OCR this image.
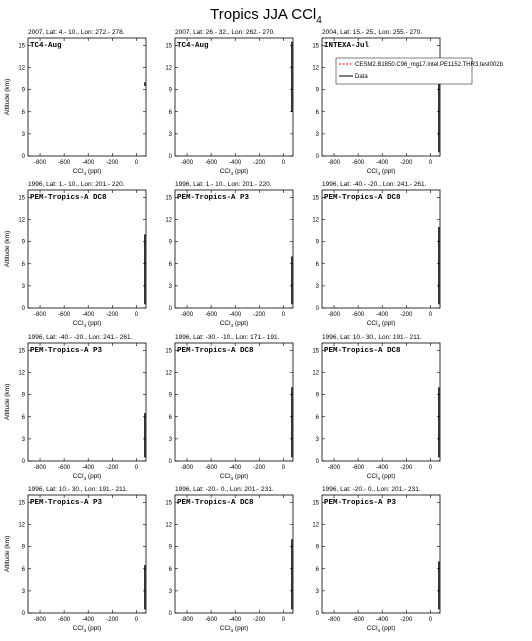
Tropics JJA CCl$_4$
2007, Lat: 4.- 10., Lon: 272.- 278.
-800 -600 -400 -200	0
0
3
6
9
12
15
CCl$_4$ (ppt)
Altitude (km)
TC4-Aug
2007, Lat: 26.- 32., Lon: 262.- 270.
-800 -600 -400 -200	0
0
3
6
9
12
15
CCl$_4$ (ppt)
TC4-Aug
2004, Lat: 15.- 25., Lon: 255.- 270.
-800 -600 -400 -200	0
0
3
6
9
12
15
CCl$_4$ (ppt)
INTEXA-Jul
CESM2.B1850.C96_mg17.intel.PE1152.THR3.test002b
Data
1996, Lat: 1.- 10., Lon: 201.- 220.
-800 -600 -400 -200	0
0
3
6
9
12
15
CCl$_4$ (ppt)
Altitude (km)
PEM-Tropics-A DC8
1996, Lat: 1.- 10., Lon: 201.- 220.
-800 -600 -400 -200	0
0
3
6
9
12
15
CCl$_4$ (ppt)
PEM-Tropics-A P3
1996, Lat: -40.- -20., Lon: 241.- 261.
-800 -600 -400 -200	0
0
3
6
9
12
15
CCl$_4$ (ppt)
PEM-Tropics-A DC8
1996, Lat: -40.- -20., Lon: 241.- 261.
-800 -600 -400 -200	0
0
3
6
9
12
15
CCl$_4$ (ppt)
Altitude (km)
PEM-Tropics-A P3
1996, Lat: -30.- -10., Lon: 171.- 191.
-800 -600 -400 -200	0
0
3
6
9
12
15
CCl$_4$ (ppt)
PEM-Tropics-A DC8
1996, Lat: 10.- 30., Lon: 191.- 211.
-800 -600 -400 -200	0
0
3
6
9
12
15
CCl$_4$ (ppt)
PEM-Tropics-A DC8
1996, Lat: 10.- 30., Lon: 191.- 211.
-800 -600 -400 -200	0
0
3
6
9
12
15
CCl$_4$ (ppt)
Altitude (km)
PEM-Tropics-A P3
1996, Lat: -20.- 0., Lon: 201.- 231.
-800 -600 -400 -200	0
0
3
6
9
12
15
CCl$_4$ (ppt)
PEM-Tropics-A DC8
1996, Lat: -20.- 0., Lon: 201.- 231.
-800 -600 -400 -200	0
0
3
6
9
12
15
CCl$_4$ (ppt)
PEM-Tropics-A P3
